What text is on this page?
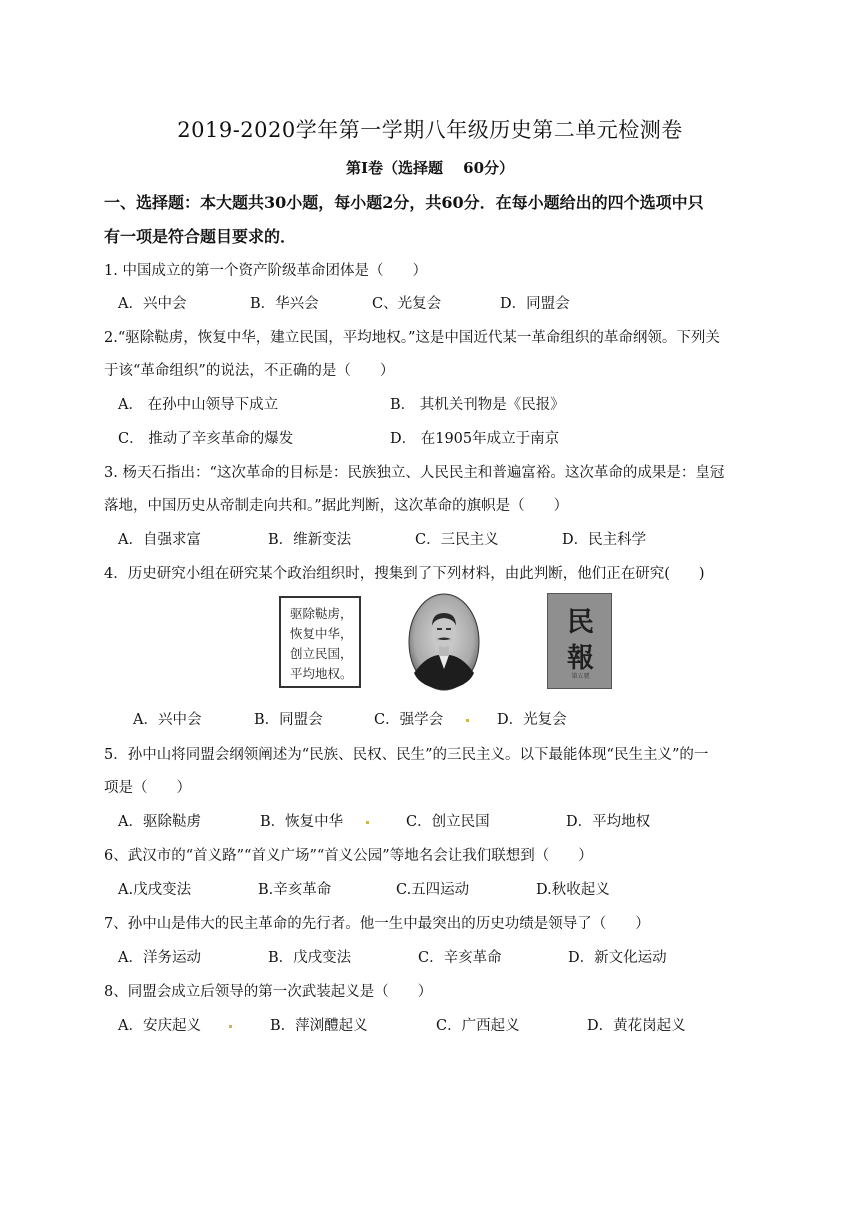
2019-2020学年第一学期八年级历史第二单元检测卷
第Ⅰ卷（选择题　 60分）
一、选择题：本大题共30小题，每小题2分，共60分．在每小题给出的四个选项中只
有一项是符合题目要求的．
1. 中国成立的第一个资产阶级革命团体是（　　）
A．兴中会	B．华兴会	C、光复会	D．同盟会
2.“驱除鞑虏，恢复中华，建立民国，平均地权。”这是中国近代某一革命组织的革命纲领。下列关
于该“革命组织”的说法，不正确的是（　　）
A． 在孙中山领导下成立	B． 其机关刊物是《民报》
C． 推动了辛亥革命的爆发	D． 在1905年成立于南京
3. 杨天石指出：“这次革命的目标是：民族独立、人民民主和普遍富裕。这次革命的成果是：皇冠
落地，中国历史从帝制走向共和。”据此判断，这次革命的旗帜是（　　）
A．自强求富	B．维新变法	C．三民主义	D．民主科学
4．历史研究小组在研究某个政治组织时，搜集到了下列材料，由此判断，他们正在研究(　　)
驱除鞑虏，
恢复中华，
创立民国，
平均地权。
民
報
第五號
A．兴中会	B．同盟会	C．强学会	D．光复会
5．孙中山将同盟会纲领阐述为“民族、民权、民生”的三民主义。以下最能体现“民生主义”的一
项是（　　）
A．驱除鞑虏	B．恢复中华	C．创立民国	D．平均地权
6、武汉市的“首义路”“首义广场”“首义公园”等地名会让我们联想到（　　）
A.戊戌变法	B.辛亥革命	C.五四运动	D.秋收起义
7、孙中山是伟大的民主革命的先行者。他一生中最突出的历史功绩是领导了（　　）
A．洋务运动	B．戊戌变法	C．辛亥革命	D．新文化运动
8、同盟会成立后领导的第一次武装起义是（　　）
A．安庆起义	B．萍浏醴起义	C．广西起义	D．黄花岗起义
